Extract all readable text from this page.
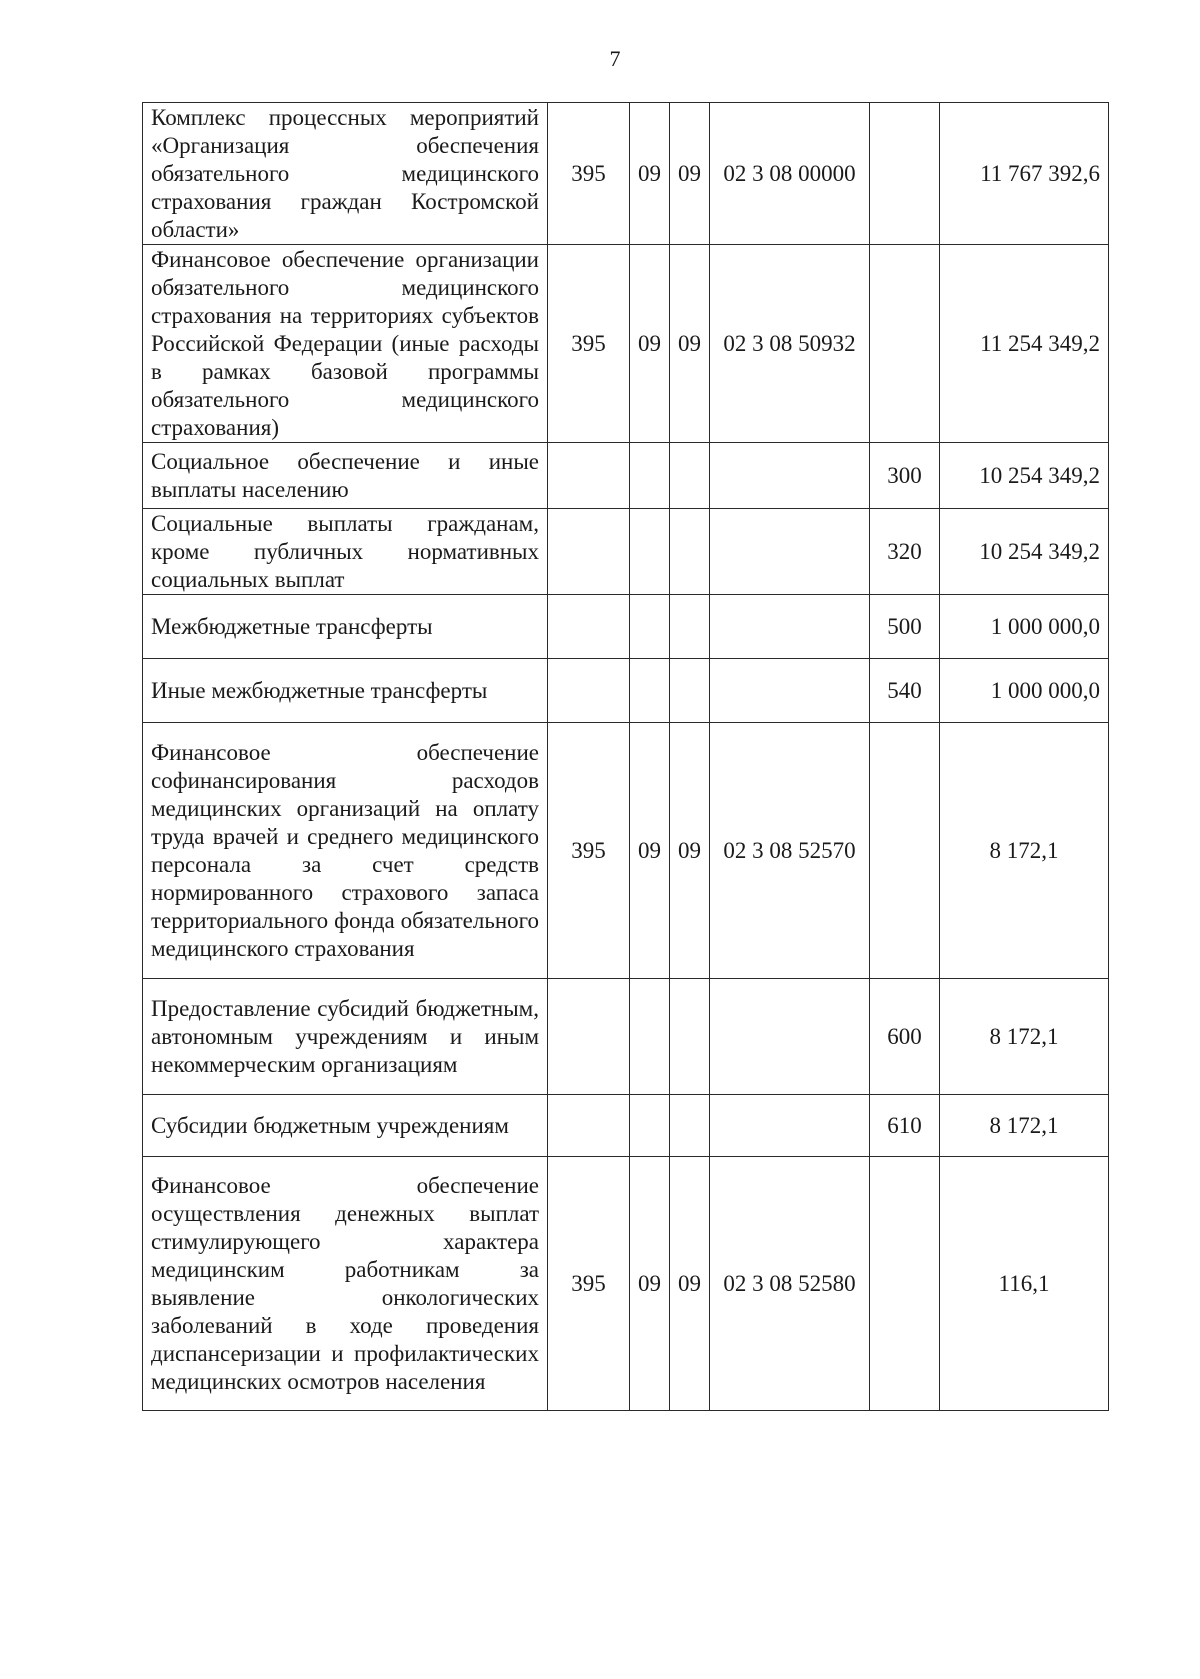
7
Комплекс процессных мероприятий «Организация обеспечения обязательного медицинского страхования граждан Костромской области»	395	09	09	02 3 08 00000		11 767 392,6
Финансовое обеспечение организации обязательного медицинского страхования на территориях субъектов Российской Федерации (иные расходы в рамках базовой программы обязательного медицинского страхования)	395	09	09	02 3 08 50932		11 254 349,2
Социальное обеспечение и иные выплаты населению					300	10 254 349,2
Социальные выплаты гражданам, кроме публичных нормативных социальных выплат					320	10 254 349,2
Межбюджетные трансферты					500	1 000 000,0
Иные межбюджетные трансферты					540	1 000 000,0
Финансовое обеспечение софинансирования расходов медицинских организаций на оплату труда врачей и среднего медицинского персонала за счет средств нормированного страхового запаса территориального фонда обязательного медицинского страхования	395	09	09	02 3 08 52570		8 172,1
Предоставление субсидий бюджетным, автономным учреждениям и иным некоммерческим организациям					600	8 172,1
Субсидии бюджетным учреждениям					610	8 172,1
Финансовое обеспечение осуществления денежных выплат стимулирующего характера медицинским работникам за выявление онкологических заболеваний в ходе проведения диспансеризации и профилактических медицинских осмотров населения	395	09	09	02 3 08 52580		116,1
